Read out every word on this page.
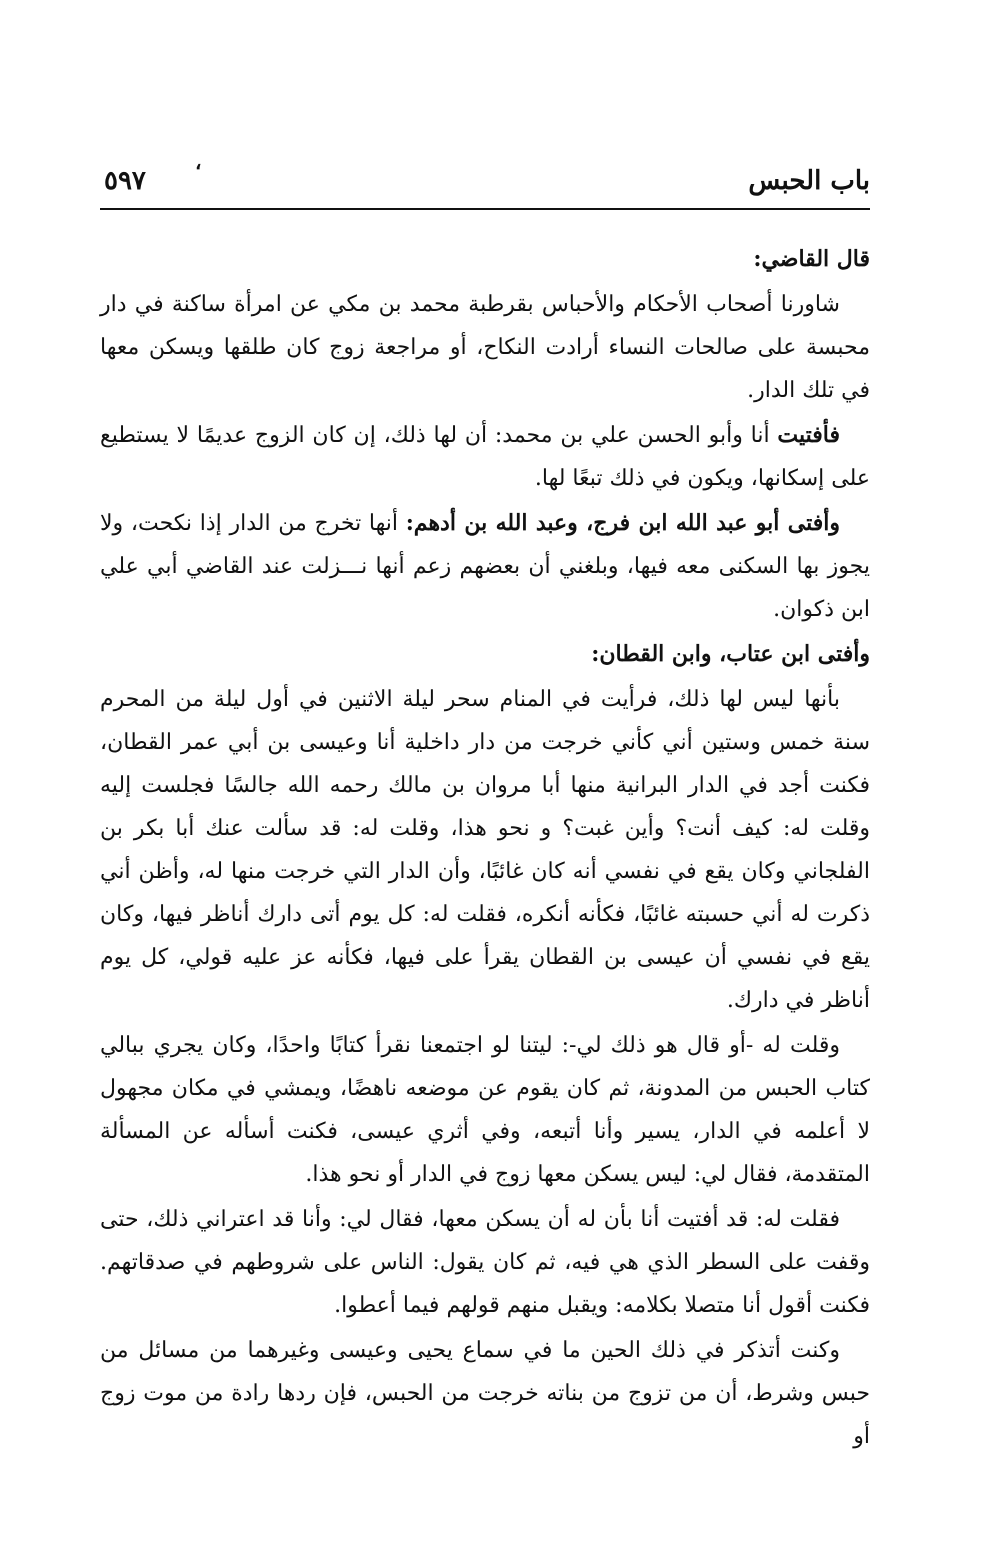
باب الحبس
٥٩٧
،

قال القاضي:

شاورنا أصحاب الأحكام والأحباس بقرطبة محمد بن مكي عن امرأة ساكنة في دار محبسة على صالحات النساء أرادت النكاح، أو مراجعة زوج كان طلقها ويسكن معها في تلك الدار.

فأفتيت أنا وأبو الحسن علي بن محمد: أن لها ذلك، إن كان الزوج عديمًا لا يستطيع على إسكانها، ويكون في ذلك تبعًا لها.

وأفتى أبو عبد الله ابن فرج، وعبد الله بن أدهم: أنها تخرج من الدار إذا نكحت، ولا يجوز بها السكنى معه فيها، وبلغني أن بعضهم زعم أنها نـــزلت عند القاضي أبي علي ابن ذكوان.

وأفتى ابن عتاب، وابن القطان:

بأنها ليس لها ذلك، فرأيت في المنام سحر ليلة الاثنين في أول ليلة من المحرم سنة خمس وستين أني كأني خرجت من دار داخلية أنا وعيسى بن أبي عمر القطان، فكنت أجد في الدار البرانية منها أبا مروان بن مالك رحمه الله جالسًا فجلست إليه وقلت له: كيف أنت؟ وأين غبت؟ و نحو هذا، وقلت له: قد سألت عنك أبا بكر بن الفلجاني وكان يقع في نفسي أنه كان غائبًا، وأن الدار التي خرجت منها له، وأظن أني ذكرت له أني حسبته غائبًا، فكأنه أنكره، فقلت له: كل يوم أتى دارك أناظر فيها، وكان يقع في نفسي أن عيسى بن القطان يقرأ على فيها، فكأنه عز عليه قولي، كل يوم أناظر في دارك.

وقلت له -أو قال هو ذلك لي-: ليتنا لو اجتمعنا نقرأ كتابًا واحدًا، وكان يجري ببالي كتاب الحبس من المدونة، ثم كان يقوم عن موضعه ناهضًا، ويمشي في مكان مجهول لا أعلمه في الدار، يسير وأنا أتبعه، وفي أثري عيسى، فكنت أسأله عن المسألة المتقدمة، فقال لي: ليس يسكن معها زوج في الدار أو نحو هذا.

فقلت له: قد أفتيت أنا بأن له أن يسكن معها، فقال لي: وأنا قد اعتراني ذلك، حتى وقفت على السطر الذي هي فيه، ثم كان يقول: الناس على شروطهم في صدقاتهم. فكنت أقول أنا متصلا بكلامه: ويقبل منهم قولهم فيما أعطوا.

وكنت أتذكر في ذلك الحين ما في سماع يحيى وعيسى وغيرهما من مسائل من حبس وشرط، أن من تزوج من بناته خرجت من الحبس، فإن ردها رادة من موت زوج أو
